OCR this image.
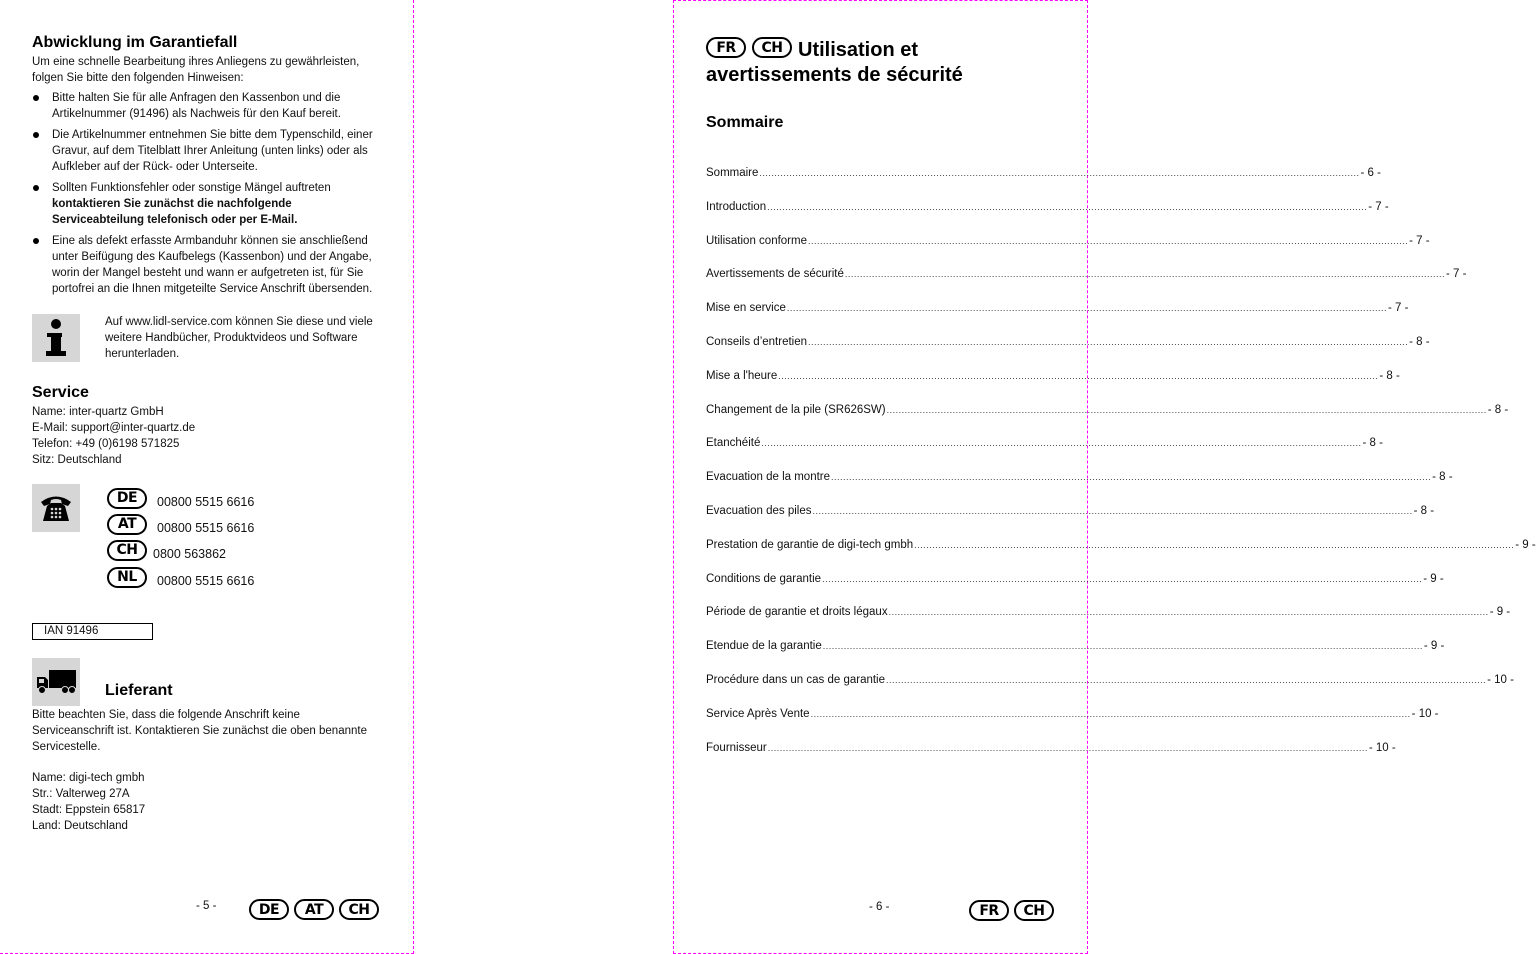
Abwicklung im Garantiefall
Um eine schnelle Bearbeitung ihres Anliegens zu gewährleisten,
folgen Sie bitte den folgenden Hinweisen:
Bitte halten Sie für alle Anfragen den Kassenbon und die
Artikelnummer (91496) als Nachweis für den Kauf bereit.
Die Artikelnummer entnehmen Sie bitte dem Typenschild, einer
Gravur, auf dem Titelblatt Ihrer Anleitung (unten links) oder als
Aufkleber auf der Rück- oder Unterseite.
Sollten Funktionsfehler oder sonstige Mängel auftreten
kontaktieren Sie zunächst die nachfolgende
Serviceabteilung telefonisch oder per E-Mail.
Eine als defekt erfasste Armbanduhr können sie anschließend
unter Beifügung des Kaufbelegs (Kassenbon) und der Angabe,
worin der Mangel besteht und wann er aufgetreten ist, für Sie
portofrei an die Ihnen mitgeteilte Service Anschrift übersenden.
Auf www.lidl-service.com können Sie diese und viele
weitere Handbücher, Produktvideos und Software
herunterladen.
Service
Name: inter-quartz GmbH
E-Mail: support@inter-quartz.de
Telefon: +49 (0)6198 571825
Sitz: Deutschland
DE	00800 5515 6616
AT	00800 5515 6616
CH	0800 563862
NL	00800 5515 6616
IAN 91496
Lieferant
Bitte beachten Sie, dass die folgende Anschrift keine
Serviceanschrift ist. Kontaktieren Sie zunächst die oben benannte
Servicestelle.
Name: digi-tech gmbh
Str.: Valterweg 27A
Stadt: Eppstein 65817
Land: Deutschland
- 5 -	DE	AT	CH
FR	CH Utilisation et
avertissements de sécurité
Sommaire
- 6 -	FR	CH
Sommaire ........................................................................................................................................................................................................ - 6 -
Introduction ........................................................................................................................................................................................................ - 7 -
Utilisation conforme ........................................................................................................................................................................................................ - 7 -
Avertissements de sécurité ........................................................................................................................................................................................................ - 7 -
Mise en service ........................................................................................................................................................................................................ - 7 -
Conseils d’entretien ........................................................................................................................................................................................................ - 8 -
Mise a l'heure ........................................................................................................................................................................................................ - 8 -
Changement de la pile (SR626SW) ........................................................................................................................................................................................................ - 8 -
Etanchéité ........................................................................................................................................................................................................ - 8 -
Evacuation de la montre ........................................................................................................................................................................................................ - 8 -
Evacuation des piles ........................................................................................................................................................................................................ - 8 -
Prestation de garantie de digi-tech gmbh ........................................................................................................................................................................................................ - 9 -
Conditions de garantie ........................................................................................................................................................................................................ - 9 -
Période de garantie et droits légaux ........................................................................................................................................................................................................ - 9 -
Etendue de la garantie ........................................................................................................................................................................................................ - 9 -
Procédure dans un cas de garantie ........................................................................................................................................................................................................ - 10 -
Service Après Vente ........................................................................................................................................................................................................ - 10 -
Fournisseur ........................................................................................................................................................................................................ - 10 -
